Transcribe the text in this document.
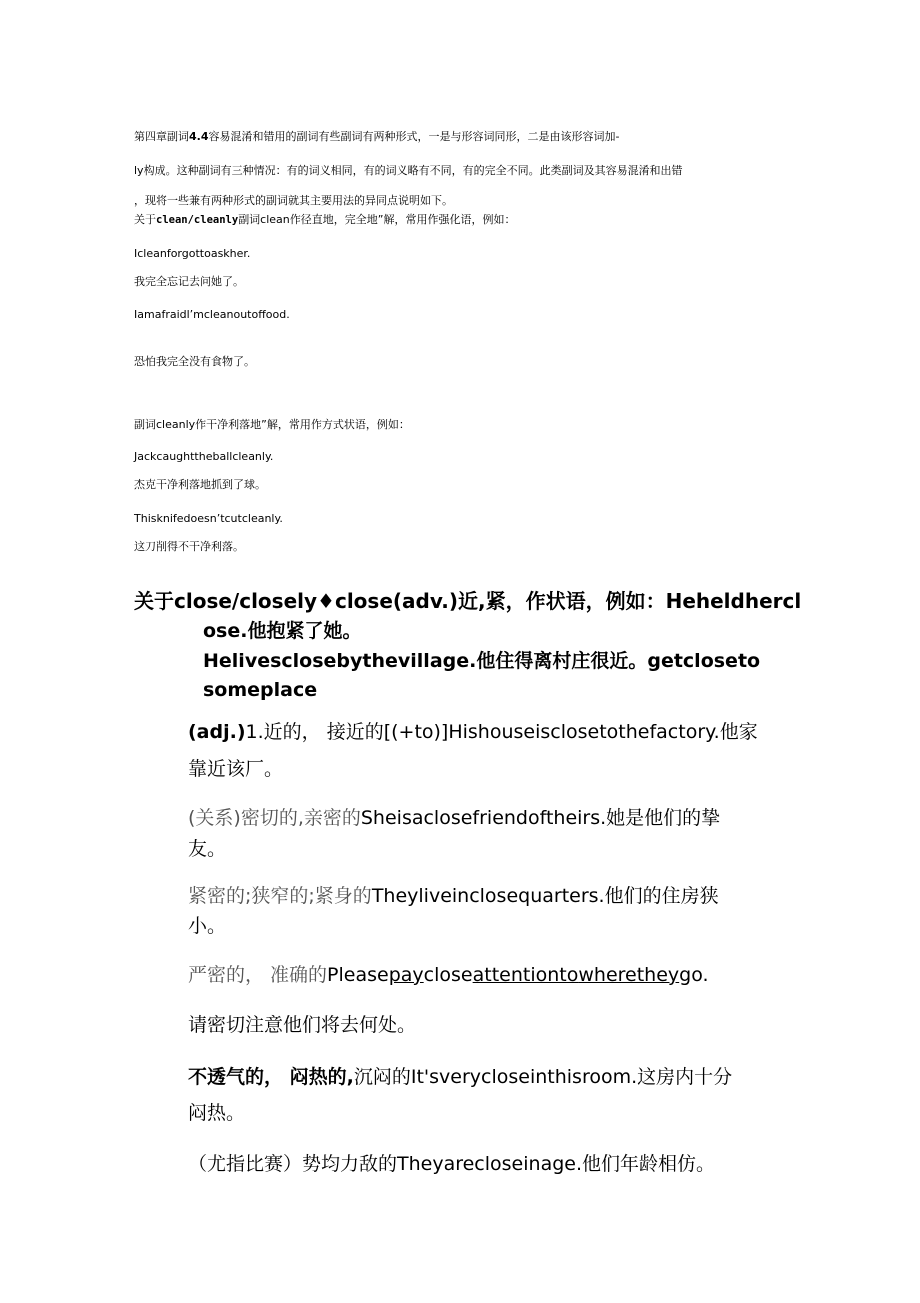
第四章副词4.4容易混淆和错用的副词有些副词有两种形式，一是与形容词同形，二是由该形容词加-

ly构成。这种副词有三种情况：有的词义相同，有的词义略有不同，有的完全不同。此类副词及其容易混淆和出错

，现将一些兼有两种形式的副词就其主要用法的异同点说明如下。

关于clean/cleanly副词clean作径直地，完全地”解，常用作强化语，例如：

Icleanforgottoaskher.

我完全忘记去问她了。

Iamafraidl’mcleanoutoffood.

恐怕我完全没有食物了。

副词cleanly作干净利落地”解，常用作方式状语，例如：

Jackcaughttheballcleanly.

杰克干净利落地抓到了球。

Thisknifedoesn’tcutcleanly.

这刀削得不干净利落。

关于close/closely♦close(adv.)近,紧，作状语，例如：Heheldhercl

ose.他抱紧了她。

Helivesclosebythevillage.他住得离村庄很近。getcloseto

someplace

(adj.)1.近的， 接近的[(+to)]Hishouseisclosetothefactory.他家

靠近该厂。

(关系)密切的,亲密的Sheisaclosefriendoftheirs.她是他们的挚

友。

紧密的;狭窄的;紧身的Theyliveinclosequarters.他们的住房狭

小。

严密的， 准确的Pleasepaycloseattentiontowheretheygo.

请密切注意他们将去何处。

不透气的， 闷热的,沉闷的It'sverycloseinthisroom.这房内十分

闷热。

（尤指比赛）势均力敌的Theyarecloseinage.他们年龄相仿。
